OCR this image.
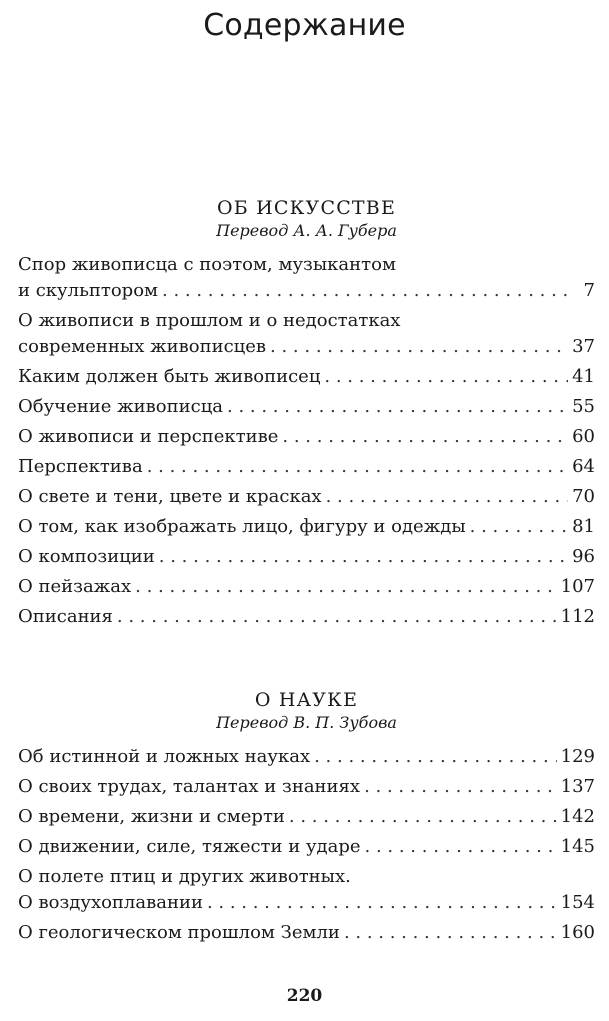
Содержание
ОБ ИСКУССТВЕ
Перевод А. А. Губера
Спор живописца с поэтом, музыкантом
и скульптором . . .	7
О живописи в прошлом и о недостатках
современных живописцев . . .	37
Каким должен быть живописец . . .	41
Обучение живописца . . .	55
О живописи и перспективе . . .	60
Перспектива . . .	64
О свете и тени, цвете и красках . . .	70
О том, как изображать лицо, фигуру и одежды . . .	81
О композиции . . .	96
О пейзажах . . .	107
Описания . . .	112
О НАУКЕ
Перевод В. П. Зубова
Об истинной и ложных науках . . .	129
О своих трудах, талантах и знаниях . . .	137
О времени, жизни и смерти . . .	142
О движении, силе, тяжести и ударе . . .	145
О полете птиц и других животных.
О воздухоплавании . . .	154
О геологическом прошлом Земли . . .	160
220
